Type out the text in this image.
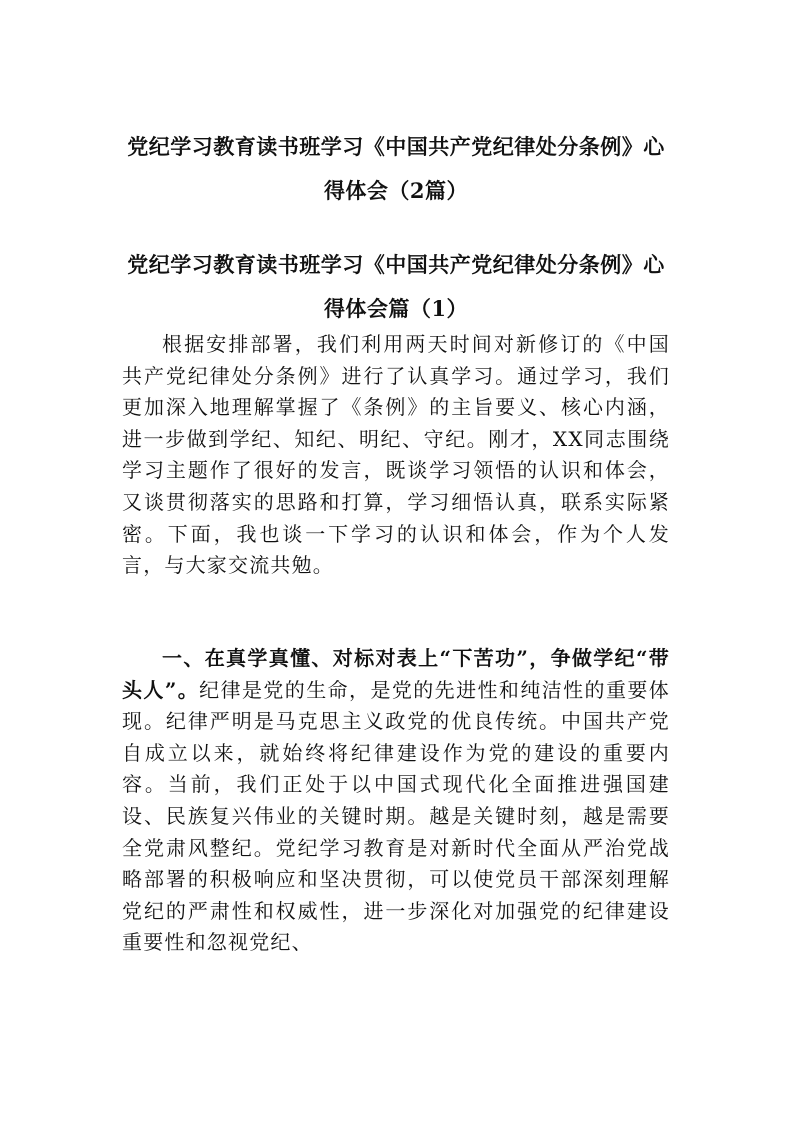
党纪学习教育读书班学习《中国共产党纪律处分条例》心得体会（2篇）
党纪学习教育读书班学习《中国共产党纪律处分条例》心得体会篇（1）

根据安排部署，我们利用两天时间对新修订的《中国共产党纪律处分条例》进行了认真学习。通过学习，我们更加深入地理解掌握了《条例》的主旨要义、核心内涵，进一步做到学纪、知纪、明纪、守纪。刚才，XX同志围绕学习主题作了很好的发言，既谈学习领悟的认识和体会，又谈贯彻落实的思路和打算，学习细悟认真，联系实际紧密。下面，我也谈一下学习的认识和体会，作为个人发言，与大家交流共勉。

一、在真学真懂、对标对表上“下苦功”，争做学纪“带头人”。纪律是党的生命，是党的先进性和纯洁性的重要体现。纪律严明是马克思主义政党的优良传统。中国共产党自成立以来，就始终将纪律建设作为党的建设的重要内容。当前，我们正处于以中国式现代化全面推进强国建设、民族复兴伟业的关键时期。越是关键时刻，越是需要全党肃风整纪。党纪学习教育是对新时代全面从严治党战略部署的积极响应和坚决贯彻，可以使党员干部深刻理解党纪的严肃性和权威性，进一步深化对加强党的纪律建设重要性和忽视党纪、
